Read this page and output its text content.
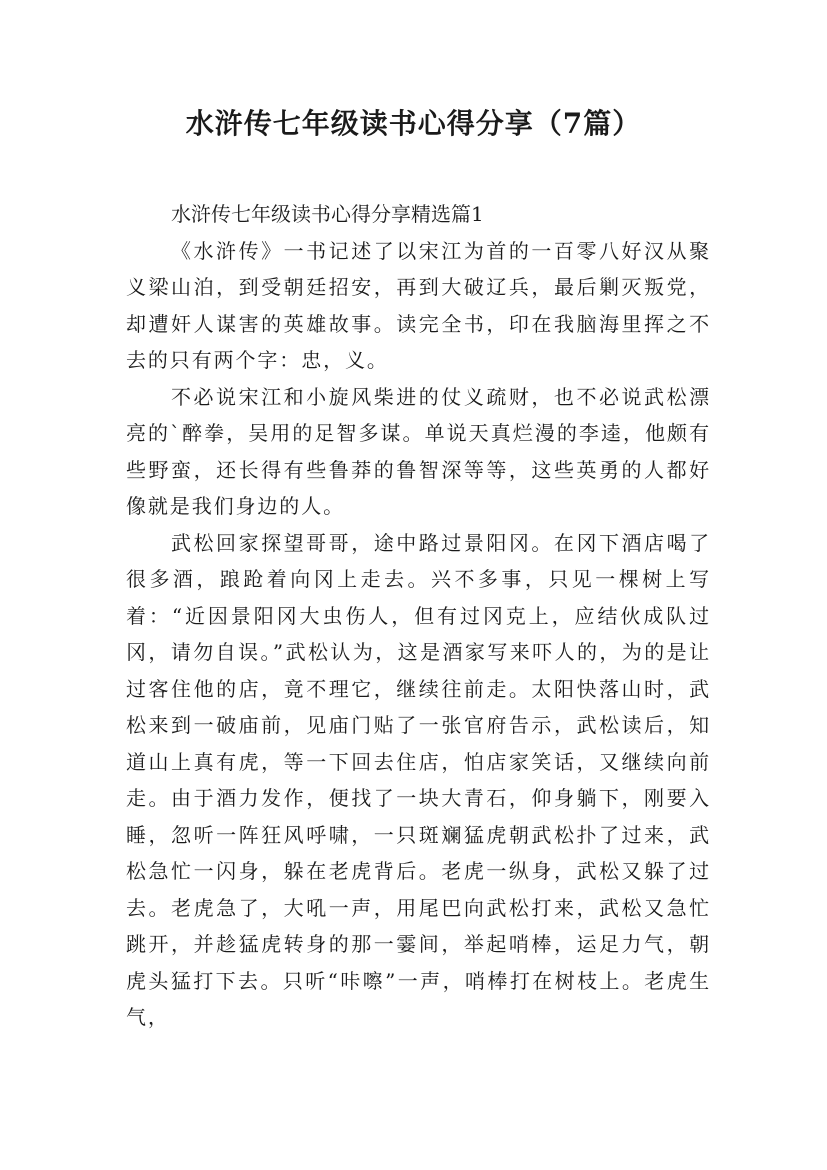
水浒传七年级读书心得分享（7篇）

水浒传七年级读书心得分享精选篇1

《水浒传》一书记述了以宋江为首的一百零八好汉从聚义梁山泊，到受朝廷招安，再到大破辽兵，最后剿灭叛党，却遭奸人谋害的英雄故事。读完全书，印在我脑海里挥之不去的只有两个字：忠，义。

不必说宋江和小旋风柴进的仗义疏财，也不必说武松漂亮的`醉拳，吴用的足智多谋。单说天真烂漫的李逵，他颇有些野蛮，还长得有些鲁莽的鲁智深等等，这些英勇的人都好像就是我们身边的人。

武松回家探望哥哥，途中路过景阳冈。在冈下酒店喝了很多酒，踉跄着向冈上走去。兴不多事，只见一棵树上写着：“近因景阳冈大虫伤人，但有过冈克上，应结伙成队过冈，请勿自误。”武松认为，这是酒家写来吓人的，为的是让过客住他的店，竟不理它，继续往前走。太阳快落山时，武松来到一破庙前，见庙门贴了一张官府告示，武松读后，知道山上真有虎，等一下回去住店，怕店家笑话，又继续向前走。由于酒力发作，便找了一块大青石，仰身躺下，刚要入睡，忽听一阵狂风呼啸，一只斑斓猛虎朝武松扑了过来，武松急忙一闪身，躲在老虎背后。老虎一纵身，武松又躲了过去。老虎急了，大吼一声，用尾巴向武松打来，武松又急忙跳开，并趁猛虎转身的那一霎间，举起哨棒，运足力气，朝虎头猛打下去。只听“咔嚓”一声，哨棒打在树枝上。老虎生气，
